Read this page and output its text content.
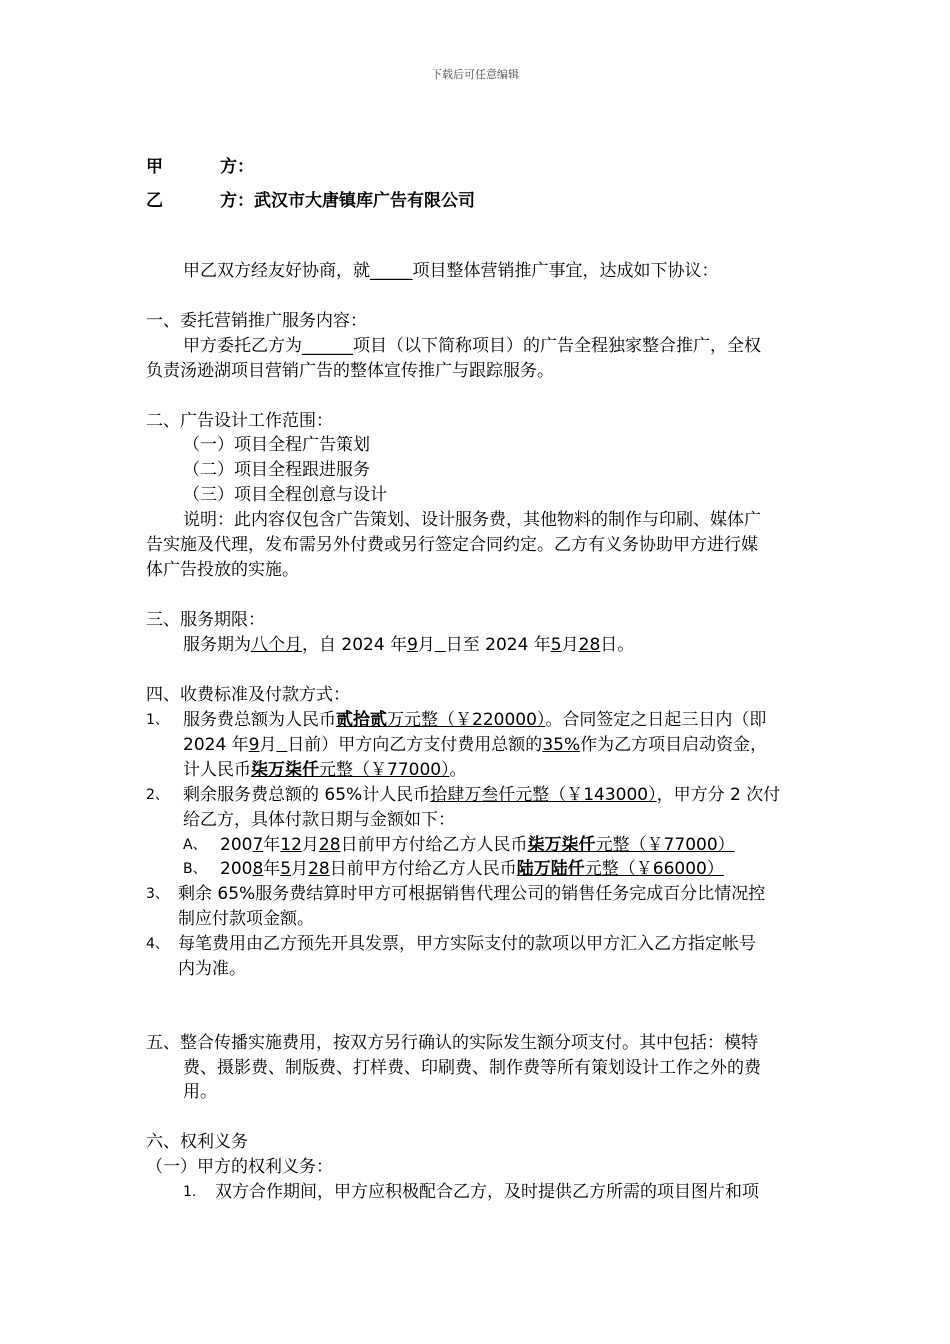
下载后可任意编辑
甲	方：
乙	方：武汉市大唐镇库广告有限公司
甲乙双方经友好协商，就_____项目整体营销推广事宜，达成如下协议：
一、委托营销推广服务内容：
甲方委托乙方为______项目（以下简称项目）的广告全程独家整合推广，全权
负责汤逊湖项目营销广告的整体宣传推广与跟踪服务。
二、广告设计工作范围：
（一）项目全程广告策划
（二）项目全程跟进服务
（三）项目全程创意与设计
说明：此内容仅包含广告策划、设计服务费，其他物料的制作与印刷、媒体广
告实施及代理，发布需另外付费或另行签定合同约定。乙方有义务协助甲方进行媒
体广告投放的实施。
三、服务期限：
服务期为八个月，自 2024 年9月 日至 2024 年5月28日。
四、收费标准及付款方式：
1、 服务费总额为人民币贰拾贰万元整（￥220000）。合同签定之日起三日内（即
2024 年9月 日前）甲方向乙方支付费用总额的35%作为乙方项目启动资金，
计人民币柒万柒仟元整（￥77000）。
2、 剩余服务费总额的 65%计人民币拾肆万叁仟元整（￥143000），甲方分 2 次付
给乙方，具体付款日期与金额如下：
A、 2007年12月28日前甲方付给乙方人民币柒万柒仟元整（￥77000）
B、 2008年5月28日前甲方付给乙方人民币陆万陆仟元整（￥66000）
3、 剩余 65%服务费结算时甲方可根据销售代理公司的销售任务完成百分比情况控
制应付款项金额。
4、 每笔费用由乙方预先开具发票，甲方实际支付的款项以甲方汇入乙方指定帐号
内为准。
五、整合传播实施费用，按双方另行确认的实际发生额分项支付。其中包括：模特
费、摄影费、制版费、打样费、印刷费、制作费等所有策划设计工作之外的费
用。
六、权利义务
（一）甲方的权利义务：
1. 双方合作期间，甲方应积极配合乙方，及时提供乙方所需的项目图片和项
